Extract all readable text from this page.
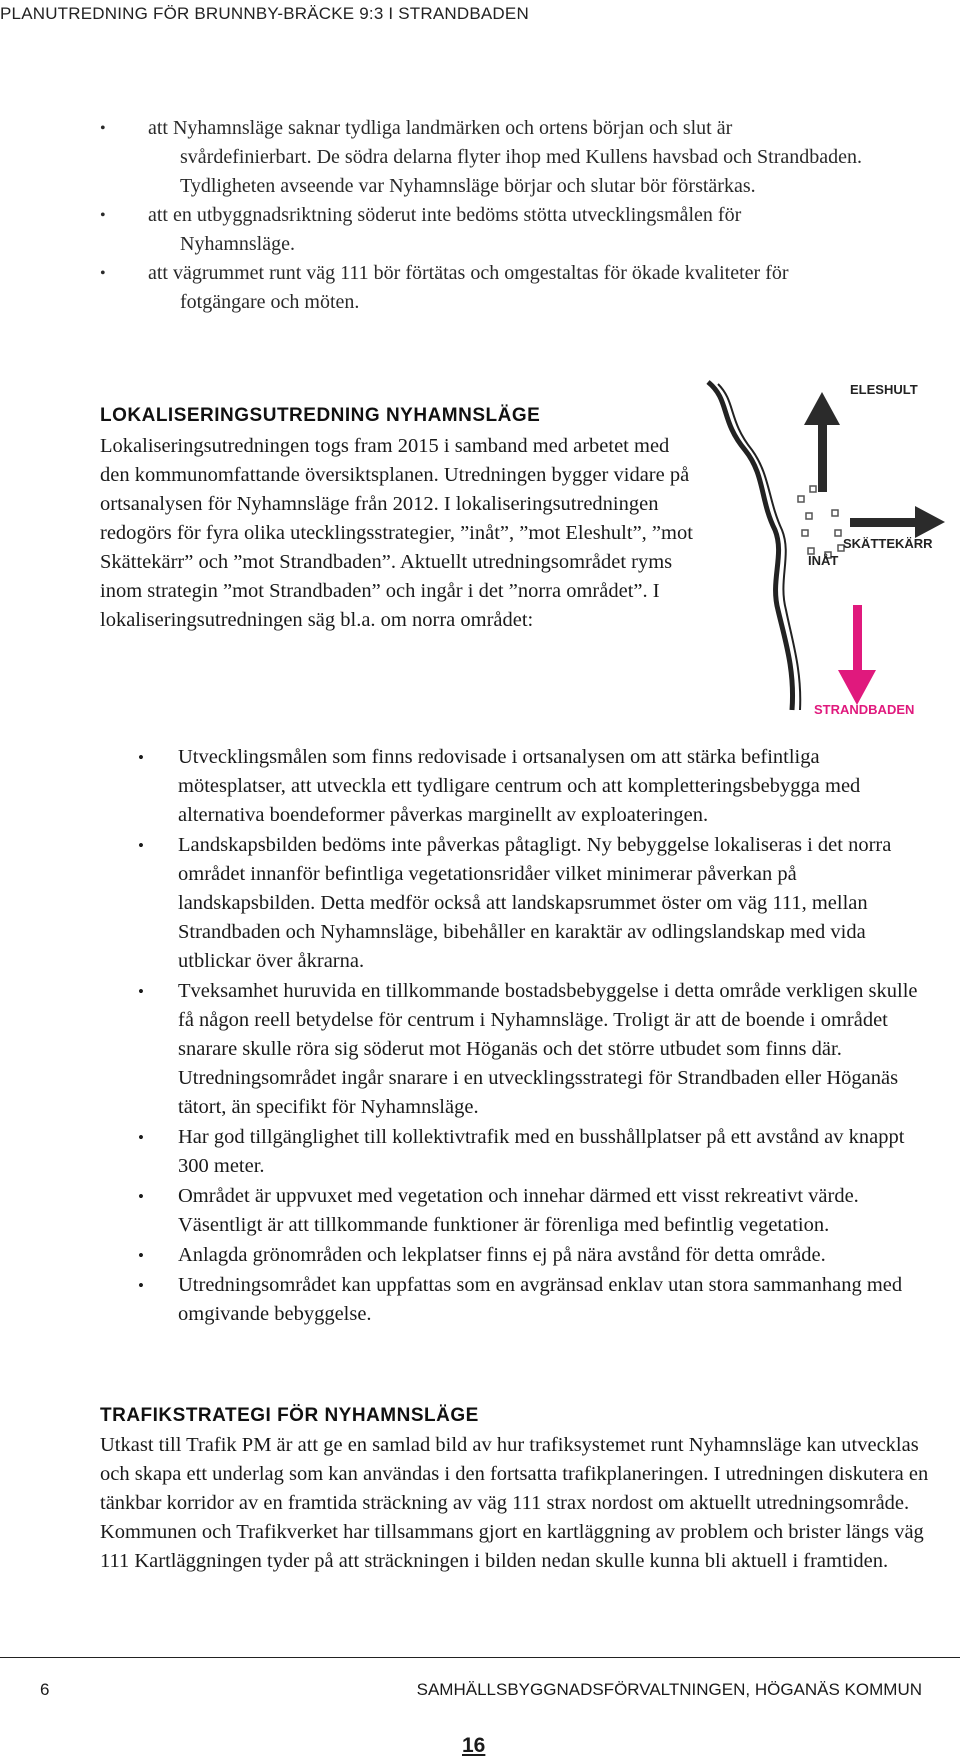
PLANUTREDNING FÖR BRUNNBY-BRÄCKE 9:3 I STRANDBADEN
• att Nyhamnsläge saknar tydliga landmärken och ortens början och slut är
svårdefinierbart. De södra delarna flyter ihop med Kullens havsbad och Strandbaden. Tydligheten avseende var Nyhamnsläge börjar och slutar bör förstärkas.
• att en utbyggnadsriktning söderut inte bedöms stötta utvecklingsmålen för
Nyhamnsläge.
• att vägrummet runt väg 111 bör förtätas och omgestaltas för ökade kvaliteter för
fotgängare och möten.
LOKALISERINGSUTREDNING NYHAMNSLÄGE

Lokaliseringsutredningen togs fram 2015 i samband med arbetet med den kommunomfattande översiktsplanen. Utredningen bygger vidare på ortsanalysen för Nyhamnsläge från 2012. I lokaliseringsutredningen redogörs för fyra olika utecklingsstrategier, ”inåt”, ”mot Eleshult”, ”mot Skättekärr” och ”mot Strandbaden”. Aktuellt utredningsområdet ryms inom strategin ”mot Strandbaden” och ingår i det ”norra området”. I lokaliseringsutredningen säg bl.a. om norra området:

ELESHULT
SKÄTTEKÄRR
INÅT
STRANDBADEN
• Utvecklingsmålen som finns redovisade i ortsanalysen om att stärka befintliga mötesplatser, att utveckla ett tydligare centrum och att kompletteringsbebygga med alternativa boendeformer påverkas marginellt av exploateringen.
• Landskapsbilden bedöms inte påverkas påtagligt. Ny bebyggelse lokaliseras i det norra området innanför befintliga vegetationsridåer vilket minimerar påverkan på landskapsbilden. Detta medför också att landskapsrummet öster om väg 111, mellan Strandbaden och Nyhamnsläge, bibehåller en karaktär av odlingslandskap med vida utblickar över åkrarna.
• Tveksamhet huruvida en tillkommande bostadsbebyggelse i detta område verkligen skulle få någon reell betydelse för centrum i Nyhamnsläge. Troligt är att de boende i området snarare skulle röra sig söderut mot Höganäs och det större utbudet som finns där. Utredningsområdet ingår snarare i en utvecklingsstrategi för Strandbaden eller Höganäs tätort, än specifikt för Nyhamnsläge.
• Har god tillgänglighet till kollektivtrafik med en busshållplatser på ett avstånd av knappt 300 meter.
• Området är uppvuxet med vegetation och innehar därmed ett visst rekreativt värde. Väsentligt är att tillkommande funktioner är förenliga med befintlig vegetation.
• Anlagda grönområden och lekplatser finns ej på nära avstånd för detta område.
• Utredningsområdet kan uppfattas som en avgränsad enklav utan stora sammanhang med omgivande bebyggelse.
TRAFIKSTRATEGI FÖR NYHAMNSLÄGE

Utkast till Trafik PM är att ge en samlad bild av hur trafiksystemet runt Nyhamnsläge kan utvecklas och skapa ett underlag som kan användas i den fortsatta trafikplaneringen. I utredningen diskutera en tänkbar korridor av en framtida sträckning av väg 111 strax nordost om aktuellt utredningsområde. Kommunen och Trafikverket har tillsammans gjort en kartläggning av problem och brister längs väg 111 Kartläggningen tyder på att sträckningen i bilden nedan skulle kunna bli aktuell i framtiden.

6	SAMHÄLLSBYGGNADSFÖRVALTNINGEN, HÖGANÄS KOMMUN
16
